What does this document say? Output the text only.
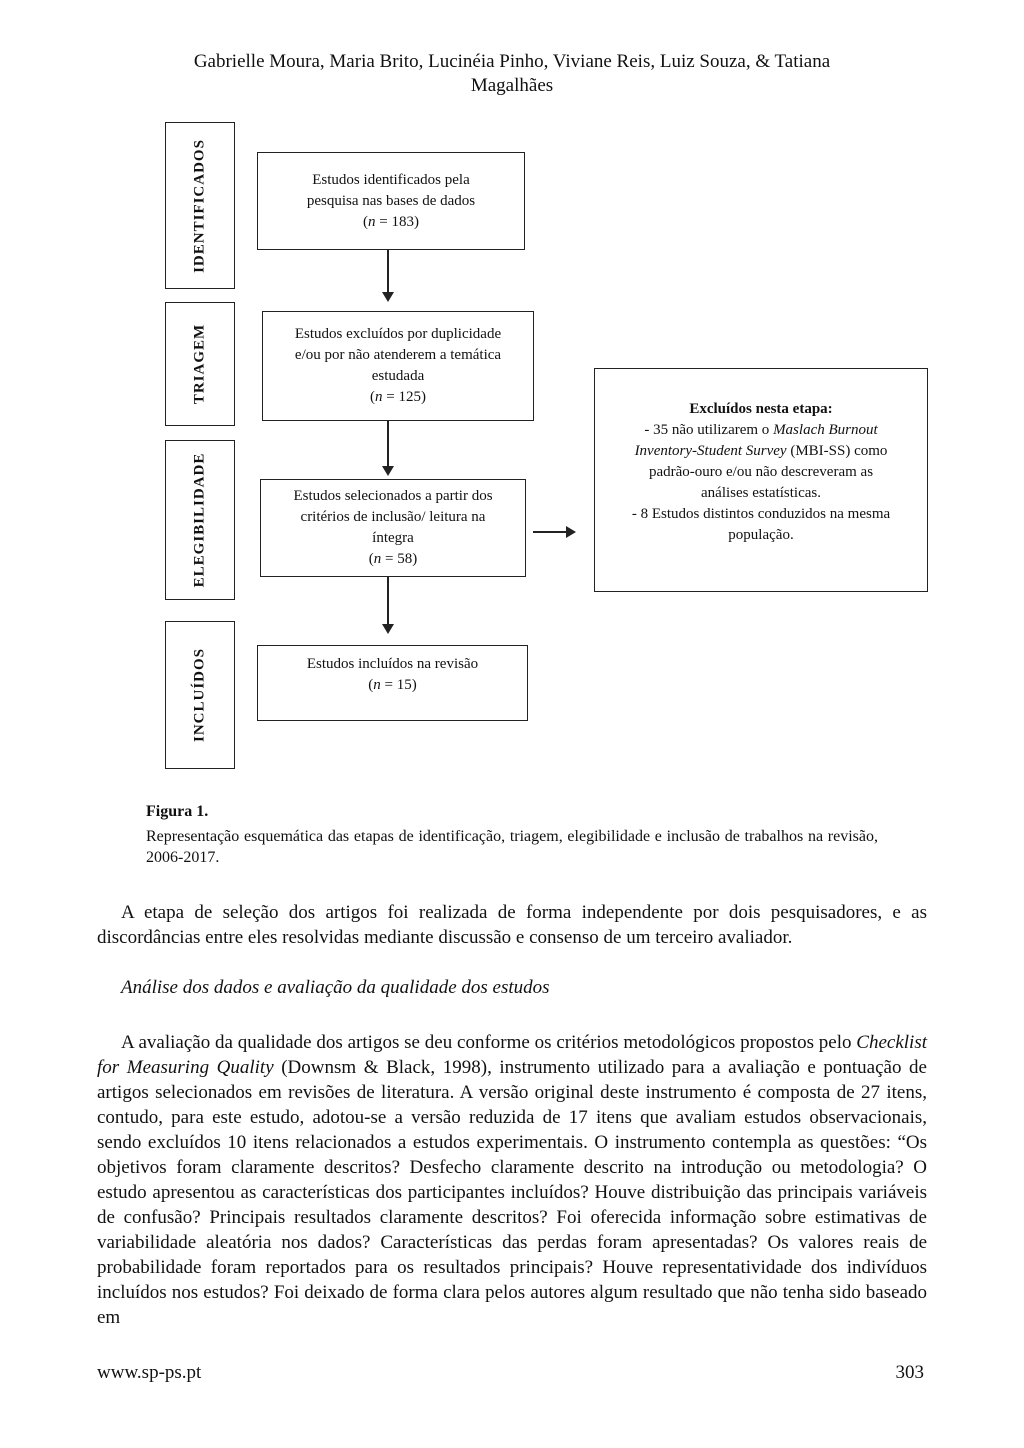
Gabrielle Moura, Maria Brito, Lucinéia Pinho, Viviane Reis, Luiz Souza, & Tatiana
Magalhães
IDENTIFICADOS
TRIAGEM
ELEGIBILIDADE
INCLUÍDOS
Estudos identificados pela
pesquisa nas bases de dados
(n = 183)
Estudos excluídos por duplicidade
e/ou por não atenderem a temática
estudada
(n = 125)
Estudos selecionados a partir dos
critérios de inclusão/ leitura na
íntegra
(n = 58)
Estudos incluídos na revisão
(n = 15)
Excluídos nesta etapa:
- 35 não utilizarem o Maslach Burnout
Inventory-Student Survey (MBI-SS) como
padrão-ouro e/ou não descreveram as
análises estatísticas.
- 8 Estudos distintos conduzidos na mesma
população.
Figura 1.
Representação esquemática das etapas de identificação, triagem, elegibilidade e inclusão de trabalhos na revisão, 2006-2017.
A etapa de seleção dos artigos foi realizada de forma independente por dois pesquisadores, e as discordâncias entre eles resolvidas mediante discussão e consenso de um terceiro avaliador.
Análise dos dados e avaliação da qualidade dos estudos
A avaliação da qualidade dos artigos se deu conforme os critérios metodológicos propostos pelo Checklist for Measuring Quality (Downsm & Black, 1998), instrumento utilizado para a avaliação e pontuação de artigos selecionados em revisões de literatura. A versão original deste instrumento é composta de 27 itens, contudo, para este estudo, adotou-se a versão reduzida de 17 itens que avaliam estudos observacionais, sendo excluídos 10 itens relacionados a estudos experimentais. O instrumento contempla as questões: “Os objetivos foram claramente descritos? Desfecho claramente descrito na introdução ou metodologia? O estudo apresentou as características dos participantes incluídos? Houve distribuição das principais variáveis de confusão? Principais resultados claramente descritos? Foi oferecida informação sobre estimativas de variabilidade aleatória nos dados? Características das perdas foram apresentadas? Os valores reais de probabilidade foram reportados para os resultados principais? Houve representatividade dos indivíduos incluídos nos estudos? Foi deixado de forma clara pelos autores algum resultado que não tenha sido baseado em
www.sp-ps.pt	303
